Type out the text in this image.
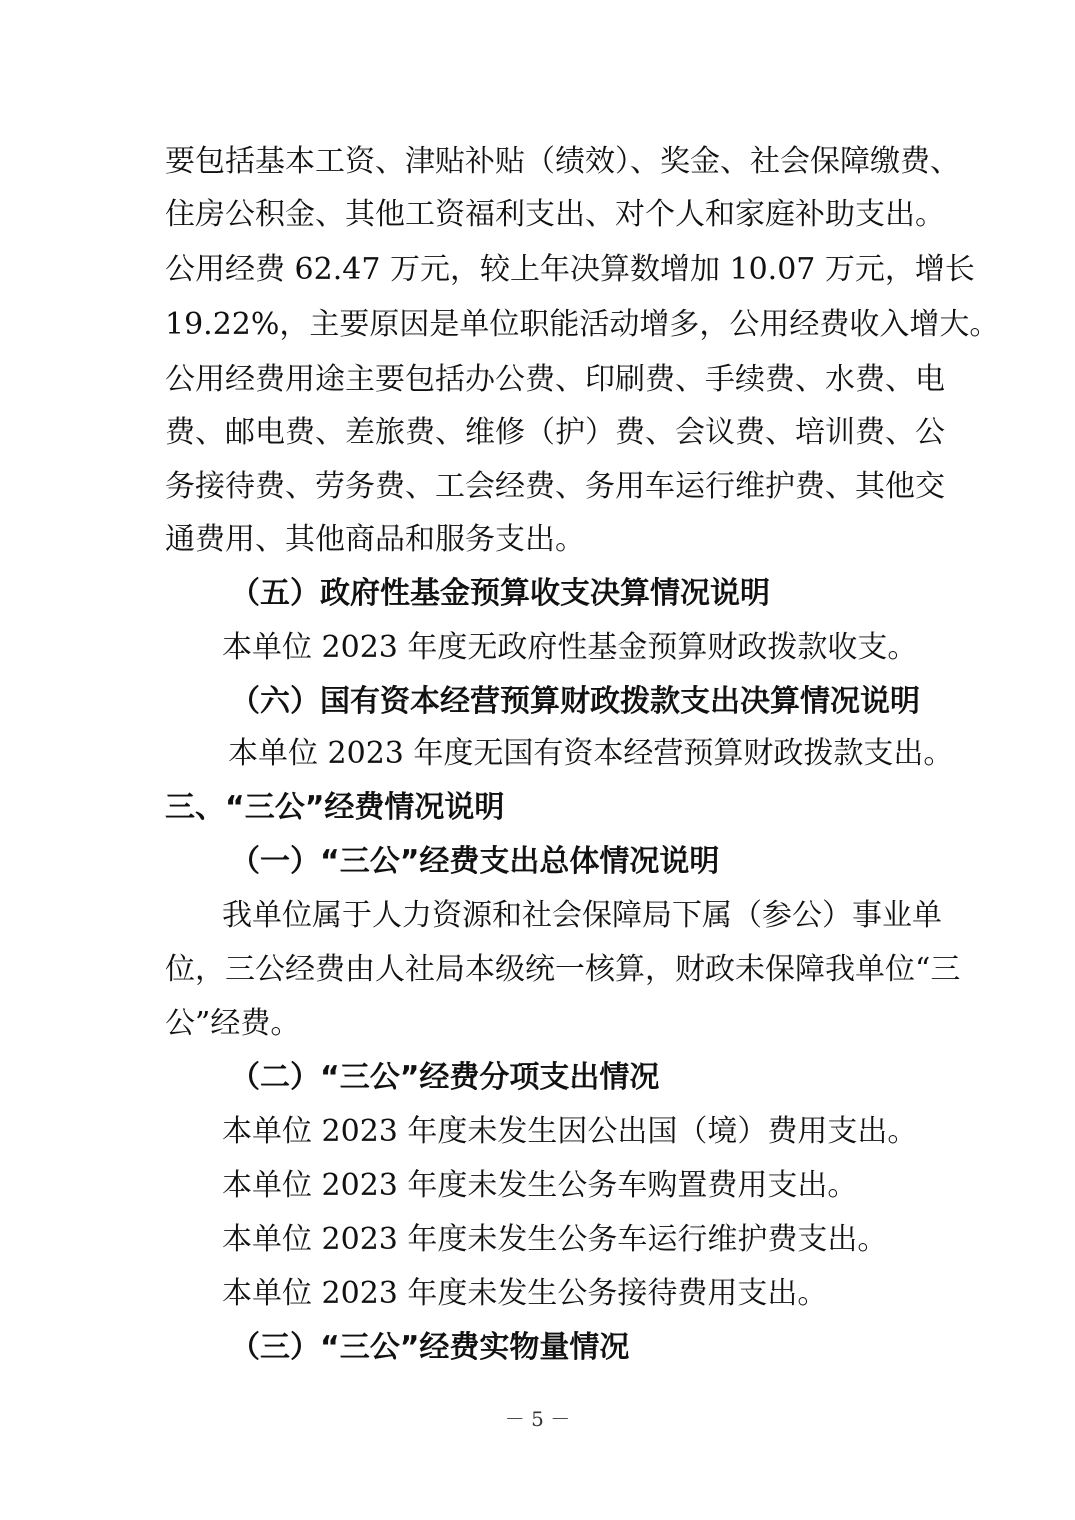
要包括基本工资、津贴补贴（绩效）、奖金、社会保障缴费、
住房公积金、其他工资福利支出、对个人和家庭补助支出。
公用经费 62.47 万元，较上年决算数增加 10.07 万元，增长
19.22%，主要原因是单位职能活动增多，公用经费收入增大。
公用经费用途主要包括办公费、印刷费、手续费、水费、电
费、邮电费、差旅费、维修（护）费、会议费、培训费、公
务接待费、劳务费、工会经费、务用车运行维护费、其他交
通费用、其他商品和服务支出。
（五）政府性基金预算收支决算情况说明
本单位 2023 年度无政府性基金预算财政拨款收支。
（六）国有资本经营预算财政拨款支出决算情况说明
本单位 2023 年度无国有资本经营预算财政拨款支出。
三、“三公”经费情况说明
（一）“三公”经费支出总体情况说明
我单位属于人力资源和社会保障局下属（参公）事业单
位，三公经费由人社局本级统一核算，财政未保障我单位“三
公”经费。
（二）“三公”经费分项支出情况
本单位 2023 年度未发生因公出国（境）费用支出。
本单位 2023 年度未发生公务车购置费用支出。
本单位 2023 年度未发生公务车运行维护费支出。
本单位 2023 年度未发生公务接待费用支出。
（三）“三公”经费实物量情况
－ 5 －
